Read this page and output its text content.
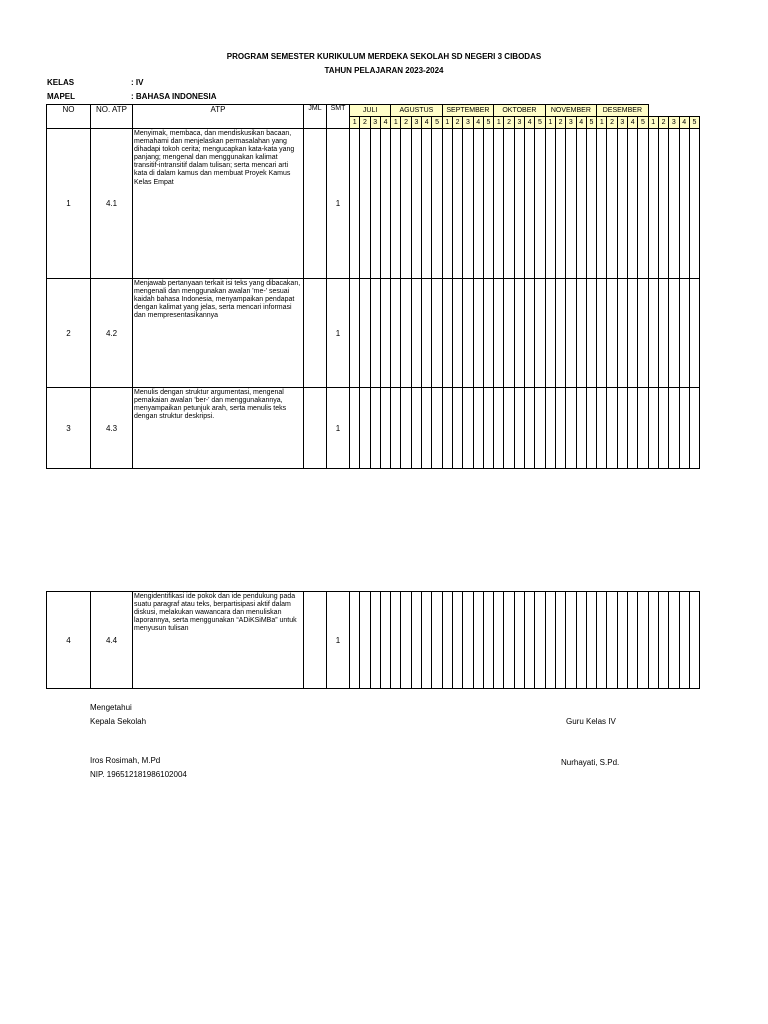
PROGRAM SEMESTER KURIKULUM MERDEKA SEKOLAH SD NEGERI 3 CIBODAS
TAHUN PELAJARAN 2023-2024
KELAS	: IV
MAPEL	: BAHASA INDONESIA
NO	NO. ATP	ATP	JML	SMT	JULI				AGUSTUS					SEPTEMBER					OKTOBER					NOVEMBER					DESEMBER									
					1	2	3	4	1	2	3	4	5	1	2	3	4	5	1	2	3	4	5	1	2	3	4	5	1	2	3	4	5	1	2	3	4	5
1	4.1	Menyimak, membaca, dan mendiskusikan bacaan, memahami dan menjelaskan permasalahan yang dihadapi tokoh cerita; mengucapkan kata-kata yang panjang; mengenal dan menggunakan kalimat transitif-intransitif dalam tulisan; serta mencari arti kata di dalam kamus dan membuat Proyek Kamus Kelas Empat		1																																		
2	4.2	Menjawab pertanyaan terkait isi teks yang dibacakan, mengenali dan menggunakan awalan 'me-' sesuai kaidah bahasa Indonesia, menyampaikan pendapat dengan kalimat yang jelas, serta mencari informasi dan mempresentasikannya		1																																		
3	4.3	Menulis dengan struktur argumentasi, mengenal pemakaian awalan 'ber-' dan menggunakannya, menyampaikan petunjuk arah, serta menulis teks dengan struktur deskripsi.		1																																		
4	4.4	Mengidentifikasi ide pokok dan ide pendukung pada suatu paragraf atau teks, berpartisipasi aktif dalam diskusi, melakukan wawancara dan menuliskan laporannya, serta menggunakan “ADiKSiMBa” untuk menyusun tulisan		1																																		
Mengetahui
Kepala Sekolah	Guru Kelas IV
Iros Rosimah, M.Pd
NIP. 196512181986102004
Nurhayati, S.Pd.
